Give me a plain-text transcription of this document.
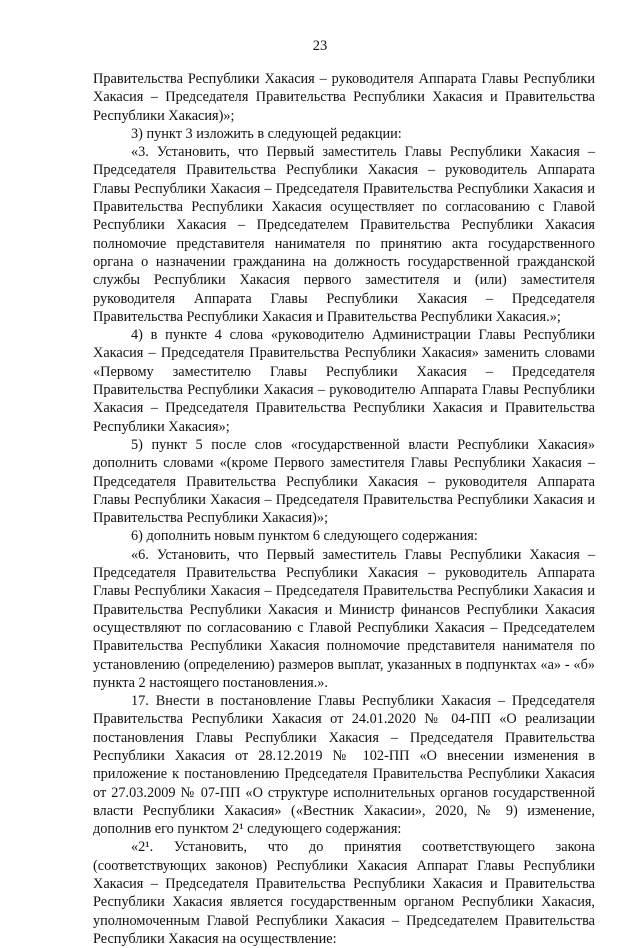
23

Правительства Республики Хакасия – руководителя Аппарата Главы Республики Хакасия – Председателя Правительства Республики Хакасия и Правительства Республики Хакасия)»;

3) пункт 3 изложить в следующей редакции:

«3. Установить, что Первый заместитель Главы Республики Хакасия – Председателя Правительства Республики Хакасия – руководитель Аппарата Главы Республики Хакасия – Председателя Правительства Республики Хакасия и Правительства Республики Хакасия осуществляет по согласованию с Главой Республики Хакасия – Председателем Правительства Республики Хакасия полномочие представителя нанимателя по принятию акта государственного органа о назначении гражданина на должность государственной гражданской службы Республики Хакасия первого заместителя и (или) заместителя руководителя Аппарата Главы Республики Хакасия – Председателя Правительства Республики Хакасия и Правительства Республики Хакасия.»;

4) в пункте 4 слова «руководителю Администрации Главы Республики Хакасия – Председателя Правительства Республики Хакасия» заменить словами «Первому заместителю Главы Республики Хакасия – Председателя Правительства Республики Хакасия – руководителю Аппарата Главы Республики Хакасия – Председателя Правительства Республики Хакасия и Правительства Республики Хакасия»;

5) пункт 5 после слов «государственной власти Республики Хакасия» дополнить словами «(кроме Первого заместителя Главы Республики Хакасия – Председателя Правительства Республики Хакасия – руководителя Аппарата Главы Республики Хакасия – Председателя Правительства Республики Хакасия и Правительства Республики Хакасия)»;

6) дополнить новым пунктом 6 следующего содержания:

«6. Установить, что Первый заместитель Главы Республики Хакасия – Председателя Правительства Республики Хакасия – руководитель Аппарата Главы Республики Хакасия – Председателя Правительства Республики Хакасия и Правительства Республики Хакасия и Министр финансов Республики Хакасия осуществляют по согласованию с Главой Республики Хакасия – Председателем Правительства Республики Хакасия полномочие представителя нанимателя по установлению (определению) размеров выплат, указанных в подпунктах «а» - «б» пункта 2 настоящего постановления.».

17. Внести в постановление Главы Республики Хакасия – Председателя Правительства Республики Хакасия от 24.01.2020 № 04-ПП «О реализации постановления Главы Республики Хакасия – Председателя Правительства Республики Хакасия от 28.12.2019 № 102-ПП «О внесении изменения в приложение к постановлению Председателя Правительства Республики Хакасия от 27.03.2009 № 07-ПП «О структуре исполнительных органов государственной власти Республики Хакасия» («Вестник Хакасии», 2020, № 9) изменение, дополнив его пунктом 2¹ следующего содержания:

«2¹. Установить, что до принятия соответствующего закона (соответствующих законов) Республики Хакасия Аппарат Главы Республики Хакасия – Председателя Правительства Республики Хакасия и Правительства Республики Хакасия является государственным органом Республики Хакасия, уполномоченным Главой Республики Хакасия – Председателем Правительства Республики Хакасия на осуществление:
